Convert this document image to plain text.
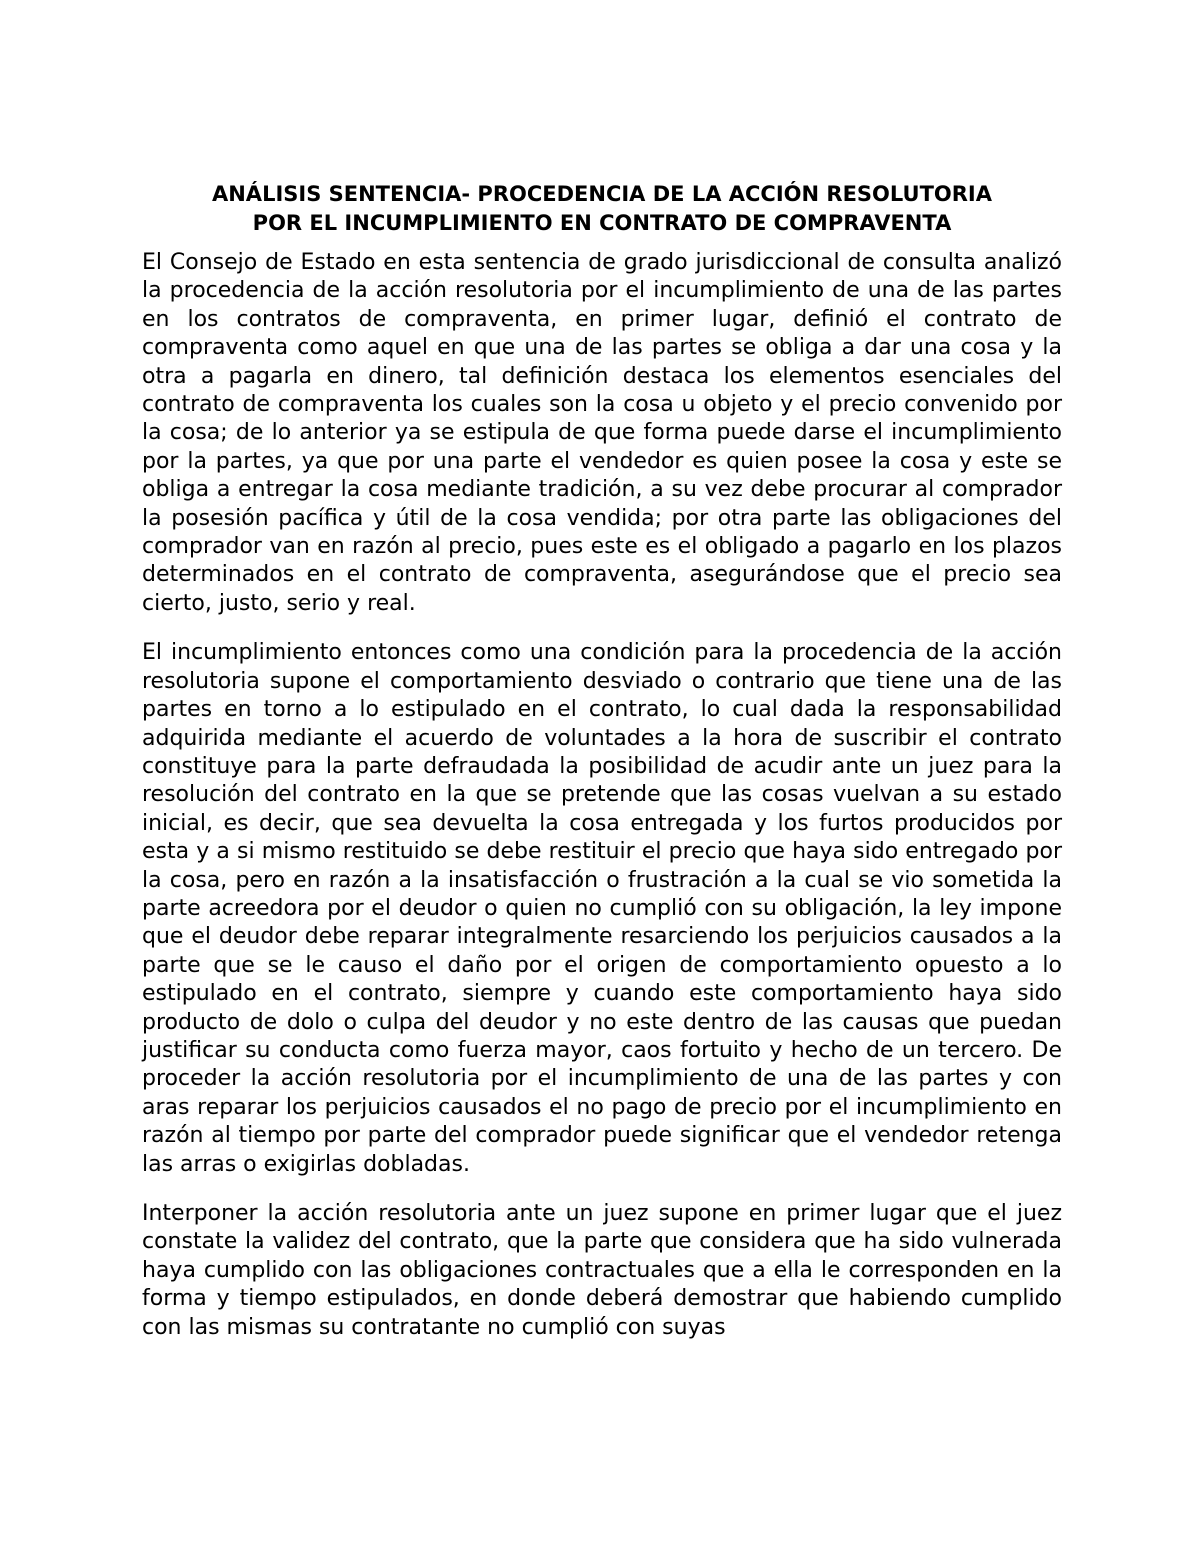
ANÁLISIS SENTENCIA- PROCEDENCIA DE LA ACCIÓN RESOLUTORIA
POR EL INCUMPLIMIENTO EN CONTRATO DE COMPRAVENTA

El Consejo de Estado en esta sentencia de grado jurisdiccional de consulta analizó la procedencia de la acción resolutoria por el incumplimiento de una de las partes en los contratos de compraventa, en primer lugar, definió el contrato de compraventa como aquel en que una de las partes se obliga a dar una cosa y la otra a pagarla en dinero, tal definición destaca los elementos esenciales del contrato de compraventa los cuales son la cosa u objeto y el precio convenido por la cosa; de lo anterior ya se estipula de que forma puede darse el incumplimiento por la partes, ya que por una parte el vendedor es quien posee la cosa y este se obliga a entregar la cosa mediante tradición, a su vez debe procurar al comprador la posesión pacífica y útil de la cosa vendida; por otra parte las obligaciones del comprador van en razón al precio, pues este es el obligado a pagarlo en los plazos determinados en el contrato de compraventa, asegurándose que el precio sea cierto, justo, serio y real.

El incumplimiento entonces como una condición para la procedencia de la acción resolutoria supone el comportamiento desviado o contrario que tiene una de las partes en torno a lo estipulado en el contrato, lo cual dada la responsabilidad adquirida mediante el acuerdo de voluntades a la hora de suscribir el contrato constituye para la parte defraudada la posibilidad de acudir ante un juez para la resolución del contrato en la que se pretende que las cosas vuelvan a su estado inicial, es decir, que sea devuelta la cosa entregada y los furtos producidos por esta y a si mismo restituido se debe restituir el precio que haya sido entregado por la cosa, pero en razón a la insatisfacción o frustración a la cual se vio sometida la parte acreedora por el deudor o quien no cumplió con su obligación, la ley impone que el deudor debe reparar integralmente resarciendo los perjuicios causados a la parte que se le causo el daño por el origen de comportamiento opuesto a lo estipulado en el contrato, siempre y cuando este comportamiento haya sido producto de dolo o culpa del deudor y no este dentro de las causas que puedan justificar su conducta como fuerza mayor, caos fortuito y hecho de un tercero. De proceder la acción resolutoria por el incumplimiento de una de las partes y con aras reparar los perjuicios causados el no pago de precio por el incumplimiento en razón al tiempo por parte del comprador puede significar que el vendedor retenga las arras o exigirlas dobladas.

Interponer la acción resolutoria ante un juez supone en primer lugar que el juez constate la validez del contrato, que la parte que considera que ha sido vulnerada haya cumplido con las obligaciones contractuales que a ella le corresponden en la forma y tiempo estipulados, en donde deberá demostrar que habiendo cumplido con las mismas su contratante no cumplió con suyas
